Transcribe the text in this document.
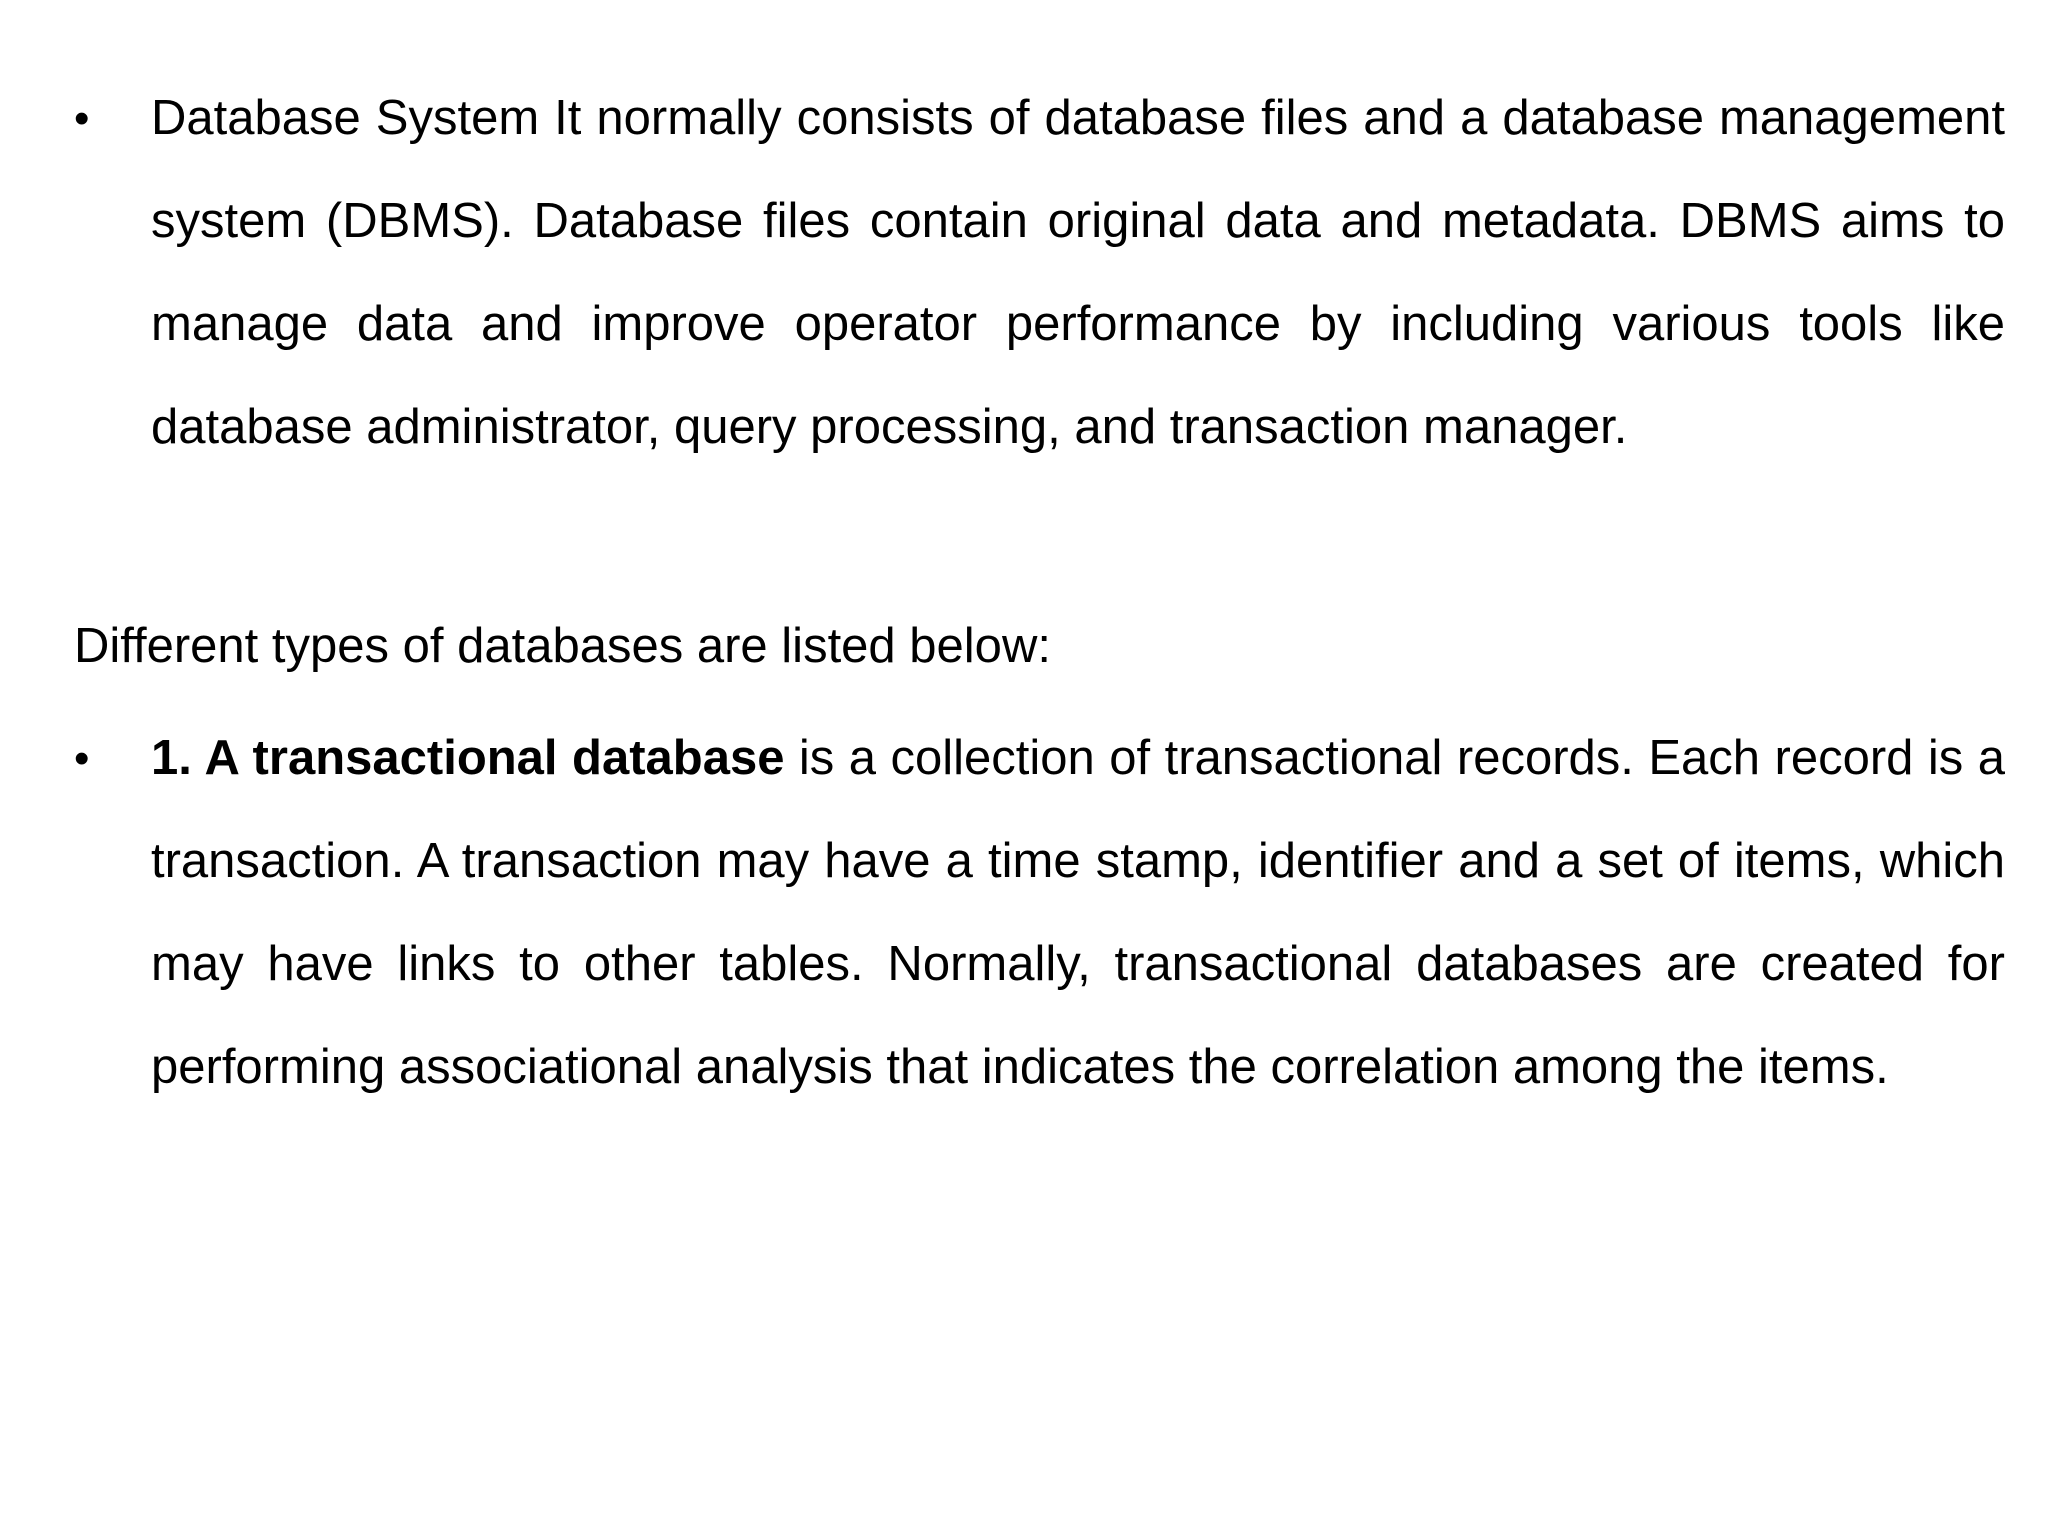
•	Database System It normally consists of database files and a database management system (DBMS). Database files contain original data and metadata. DBMS aims to manage data and improve operator performance by including various tools like database administrator, query processing, and transaction manager.
Different types of databases are listed below:
•	1. A transactional database is a collection of transactional records. Each record is a transaction. A transaction may have a time stamp, identifier and a set of items, which may have links to other tables. Normally, transactional databases are created for performing associational analysis that indicates the correlation among the items.
